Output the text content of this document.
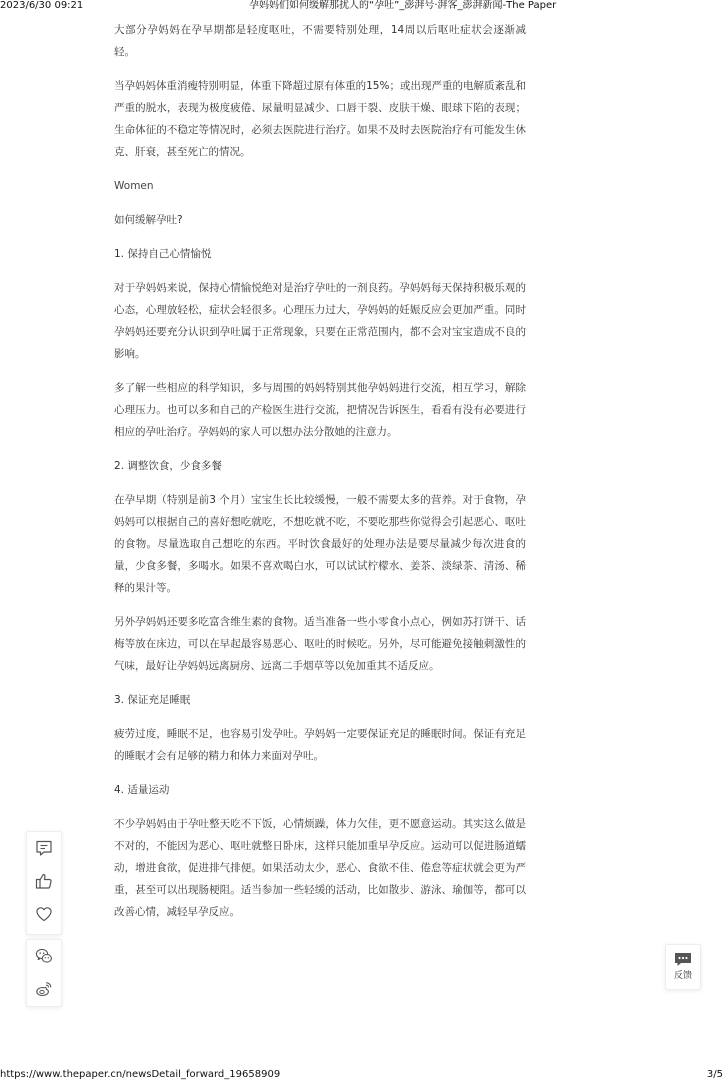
2023/6/30 09:21	孕妈妈们如何缓解那扰人的“孕吐”_澎湃号·湃客_澎湃新闻-The Paper

大部分孕妈妈在孕早期都是轻度呕吐，不需要特别处理，14周以后呕吐症状会逐渐减轻。

当孕妈妈体重消瘦特别明显，体重下降超过原有体重的15%；或出现严重的电解质紊乱和严重的脱水，表现为极度疲倦、尿量明显减少、口唇干裂、皮肤干燥、眼球下陷的表现；生命体征的不稳定等情况时，必须去医院进行治疗。如果不及时去医院治疗有可能发生休克、肝衰，甚至死亡的情况。

Women

如何缓解孕吐?

1. 保持自己心情愉悦

对于孕妈妈来说，保持心情愉悦绝对是治疗孕吐的一剂良药。孕妈妈每天保持积极乐观的心态，心理放轻松，症状会轻很多。心理压力过大，孕妈妈的妊娠反应会更加严重。同时孕妈妈还要充分认识到孕吐属于正常现象，只要在正常范围内，都不会对宝宝造成不良的影响。

多了解一些相应的科学知识，多与周围的妈妈特别其他孕妈妈进行交流，相互学习，解除心理压力。也可以多和自己的产检医生进行交流，把情况告诉医生，看看有没有必要进行相应的孕吐治疗。孕妈妈的家人可以想办法分散她的注意力。

2. 调整饮食，少食多餐

在孕早期（特别是前3 个月）宝宝生长比较缓慢，一般不需要太多的营养。对于食物，孕妈妈可以根据自己的喜好想吃就吃，不想吃就不吃，不要吃那些你觉得会引起恶心、呕吐的食物。尽量选取自己想吃的东西。平时饮食最好的处理办法是要尽量减少每次进食的量，少食多餐，多喝水。如果不喜欢喝白水，可以试试柠檬水、姜茶、淡绿茶、清汤、稀释的果汁等。

另外孕妈妈还要多吃富含维生素的食物。适当准备一些小零食小点心，例如苏打饼干、话梅等放在床边，可以在早起最容易恶心、呕吐的时候吃。另外，尽可能避免接触刺激性的气味，最好让孕妈妈远离厨房、远离二手烟草等以免加重其不适反应。

3. 保证充足睡眠

疲劳过度，睡眠不足，也容易引发孕吐。孕妈妈一定要保证充足的睡眠时间。保证有充足的睡眠才会有足够的精力和体力来面对孕吐。

4. 适量运动

不少孕妈妈由于孕吐整天吃不下饭，心情烦躁，体力欠佳，更不愿意运动。其实这么做是不对的，不能因为恶心、呕吐就整日卧床，这样只能加重早孕反应。运动可以促进肠道蠕动，增进食欲，促进排气排便。如果活动太少，恶心、食欲不佳、倦怠等症状就会更为严重，甚至可以出现肠梗阻。适当参加一些轻缓的活动，比如散步、游泳、瑜伽等，都可以改善心情，减轻早孕反应。

反馈
https://www.thepaper.cn/newsDetail_forward_19658909	3/5
